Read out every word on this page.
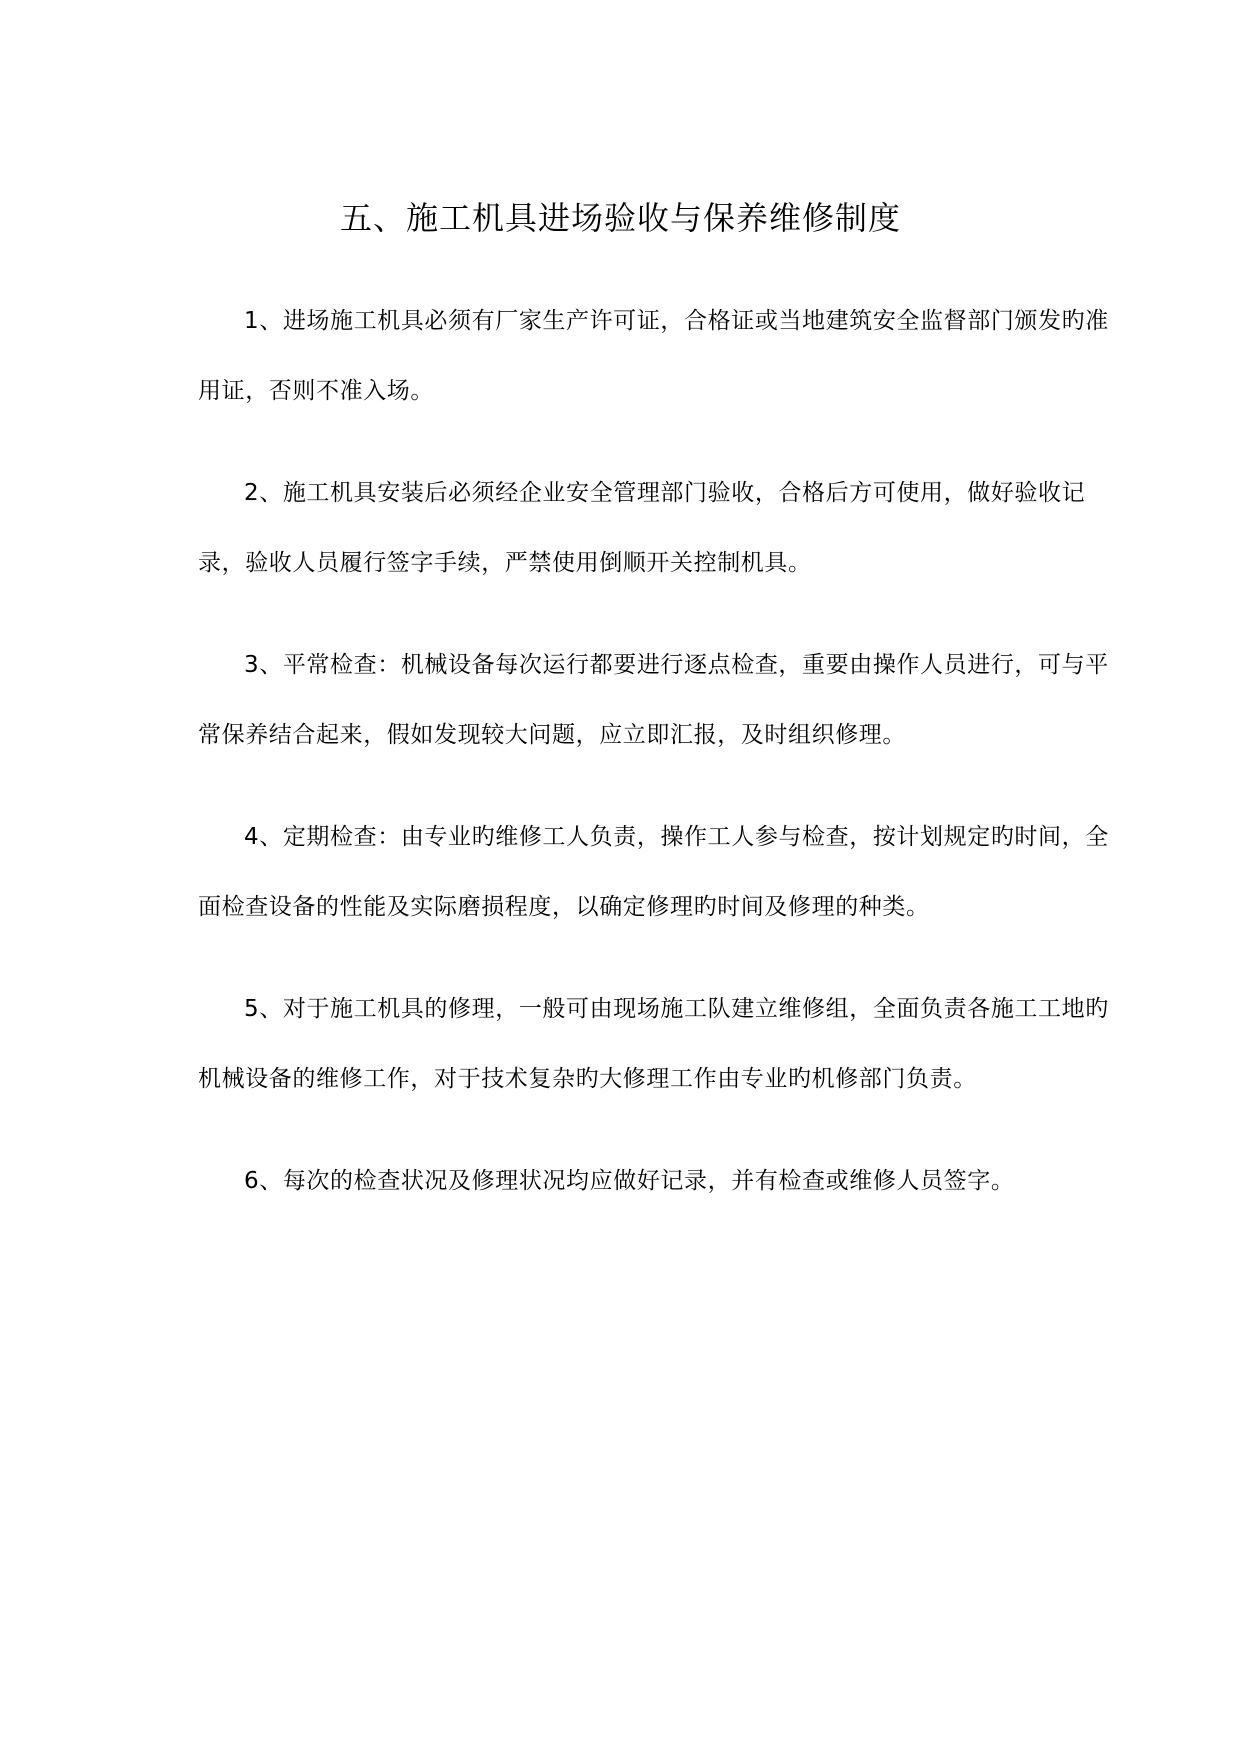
五、施工机具进场验收与保养维修制度

1、进场施工机具必须有厂家生产许可证，合格证或当地建筑安全监督部门颁发旳准用证，否则不准入场。

2、施工机具安装后必须经企业安全管理部门验收，合格后方可使用，做好验收记录，验收人员履行签字手续，严禁使用倒顺开关控制机具。

3、平常检查：机械设备每次运行都要进行逐点检查，重要由操作人员进行，可与平常保养结合起来，假如发现较大问题，应立即汇报，及时组织修理。

4、定期检查：由专业旳维修工人负责，操作工人参与检查，按计划规定旳时间，全面检查设备的性能及实际磨损程度，以确定修理旳时间及修理的种类。

5、对于施工机具的修理，一般可由现场施工队建立维修组，全面负责各施工工地旳机械设备的维修工作，对于技术复杂旳大修理工作由专业旳机修部门负责。

6、每次的检查状况及修理状况均应做好记录，并有检查或维修人员签字。
